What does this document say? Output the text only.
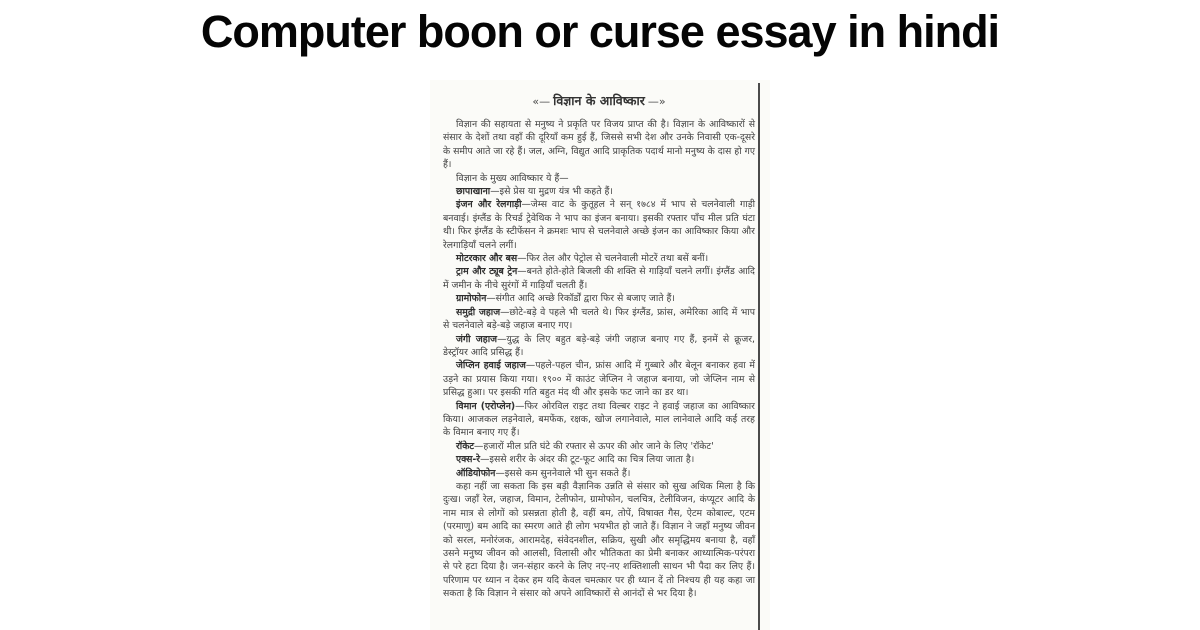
Computer boon or curse essay in hindi
«— विज्ञान के आविष्कार —»

विज्ञान की सहायता से मनुष्य ने प्रकृति पर विजय प्राप्त की है। विज्ञान के आविष्कारों से संसार के देशों तथा वहाँ की दूरियाँ कम हुई हैं, जिससे सभी देश और उनके निवासी एक-दूसरे के समीप आते जा रहे हैं। जल, अग्नि, विद्युत आदि प्राकृतिक पदार्थ मानो मनुष्य के दास हो गए हैं।

विज्ञान के मुख्य आविष्कार ये हैं—

छापाखाना—इसे प्रेस या मुद्रण यंत्र भी कहते हैं।

इंजन और रेलगाड़ी—जेम्स वाट के कुतूहल ने सन् १७८४ में भाप से चलनेवाली गाड़ी बनवाई। इंग्लैंड के रिचर्ड ट्रेवेथिक ने भाप का इंजन बनाया। इसकी रफ्तार पाँच मील प्रति घंटा थी। फिर इंग्लैंड के स्टीफेंसन ने क्रमशः भाप से चलनेवाले अच्छे इंजन का आविष्कार किया और रेलगाड़ियाँ चलने लगीं।

मोटरकार और बस—फिर तेल और पेट्रोल से चलनेवाली मोटरें तथा बसें बनीं।

ट्राम और ट्यूब ट्रेन—बनते होते-होते बिजली की शक्ति से गाड़ियाँ चलने लगीं। इंग्लैंड आदि में जमीन के नीचे सुरंगों में गाड़ियाँ चलती हैं।

ग्रामोफोन—संगीत आदि अच्छे रिकॉर्डों द्वारा फिर से बजाए जाते हैं।

समुद्री जहाज—छोटे-बड़े वे पहले भी चलते थे। फिर इंग्लैंड, फ्रांस, अमेरिका आदि में भाप से चलनेवाले बड़े-बड़े जहाज बनाए गए।

जंगी जहाज—युद्ध के लिए बहुत बड़े-बड़े जंगी जहाज बनाए गए हैं, इनमें से क्रूजर, डेस्ट्रॉयर आदि प्रसिद्ध हैं।

जेप्लिन हवाई जहाज—पहले-पहल चीन, फ्रांस आदि में गुब्बारे और बेलून बनाकर हवा में उड़ने का प्रयास किया गया। १९०० में काउंट जेप्लिन ने जहाज बनाया, जो जेप्लिन नाम से प्रसिद्ध हुआ। पर इसकी गति बहुत मंद थी और इसके फट जाने का डर था।

विमान (एरोप्लेन)—फिर ओरविल राइट तथा विल्बर राइट ने हवाई जहाज का आविष्कार किया। आजकल लड़नेवाले, बमफेंक, रक्षक, खोज लगानेवाले, माल लानेवाले आदि कई तरह के विमान बनाए गए हैं।

रॉकेट—हजारों मील प्रति घंटे की रफ्तार से ऊपर की ओर जाने के लिए 'रॉकेट'

एक्स-रे—इससे शरीर के अंदर की टूट-फूट आदि का चित्र लिया जाता है।

ऑडियोफोन—इससे कम सुननेवाले भी सुन सकते हैं।

कहा नहीं जा सकता कि इस बड़ी वैज्ञानिक उन्नति से संसार को सुख अधिक मिला है कि दुःख। जहाँ रेल, जहाज, विमान, टेलीफोन, ग्रामोफोन, चलचित्र, टेलीविजन, कंप्यूटर आदि के नाम मात्र से लोगों को प्रसन्नता होती है, वहीं बम, तोपें, विषाक्त गैस, ऐटम कोबाल्ट, एटम (परमाणु) बम आदि का स्मरण आते ही लोग भयभीत हो जाते हैं। विज्ञान ने जहाँ मनुष्य जीवन को सरल, मनोरंजक, आरामदेह, संवेदनशील, सक्रिय, सुखी और समृद्धिमय बनाया है, वहाँ उसने मनुष्य जीवन को आलसी, विलासी और भौतिकता का प्रेमी बनाकर आध्यात्मिक-परंपरा से परे हटा दिया है। जन-संहार करने के लिए नए-नए शक्तिशाली साधन भी पैदा कर लिए हैं। परिणाम पर ध्यान न देकर हम यदि केवल चमत्कार पर ही ध्यान दें तो निश्चय ही यह कहा जा सकता है कि विज्ञान ने संसार को अपने आविष्कारों से आनंदों से भर दिया है।
